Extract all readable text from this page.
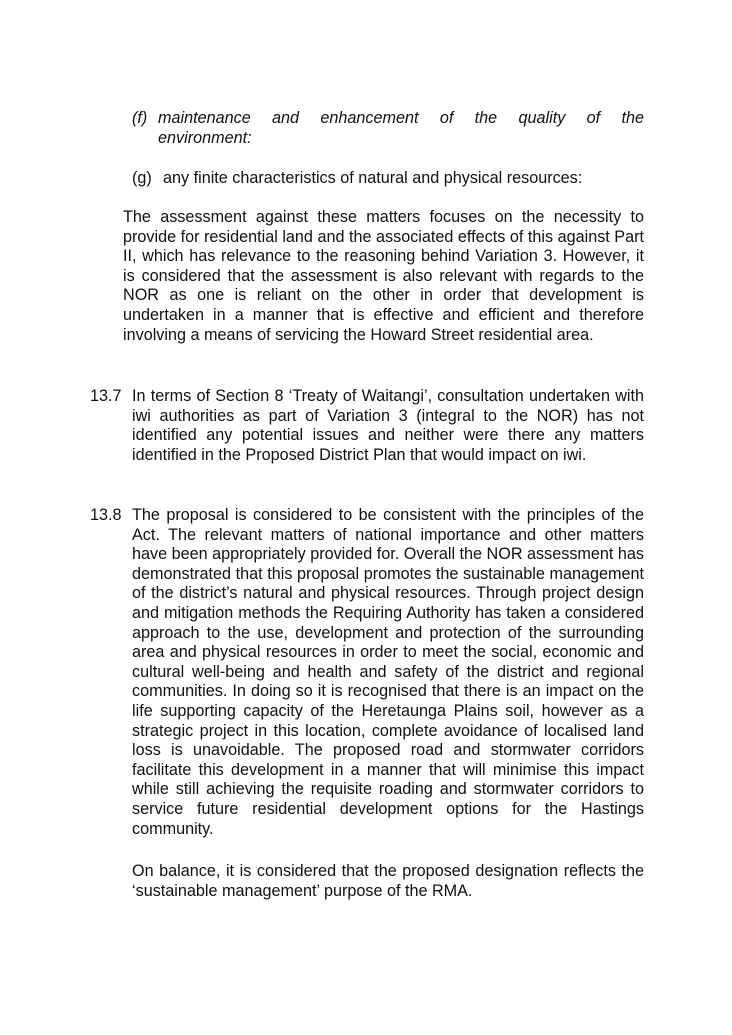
(f) maintenance and enhancement of the quality of the
environment:
(g) any finite characteristics of natural and physical resources:

The assessment against these matters focuses on the necessity to provide for residential land and the associated effects of this against Part II, which has relevance to the reasoning behind Variation 3. However, it is considered that the assessment is also relevant with regards to the NOR as one is reliant on the other in order that development is undertaken in a manner that is effective and efficient and therefore involving a means of servicing the Howard Street residential area.

13.7 In terms of Section 8 ‘Treaty of Waitangi’, consultation undertaken with iwi authorities as part of Variation 3 (integral to the NOR) has not identified any potential issues and neither were there any matters identified in the Proposed District Plan that would impact on iwi.
13.8 The proposal is considered to be consistent with the principles of the Act. The relevant matters of national importance and other matters have been appropriately provided for. Overall the NOR assessment has demonstrated that this proposal promotes the sustainable management of the district’s natural and physical resources. Through project design and mitigation methods the Requiring Authority has taken a considered approach to the use, development and protection of the surrounding area and physical resources in order to meet the social, economic and cultural well-being and health and safety of the district and regional communities. In doing so it is recognised that there is an impact on the life supporting capacity of the Heretaunga Plains soil, however as a strategic project in this location, complete avoidance of localised land loss is unavoidable. The proposed road and stormwater corridors facilitate this development in a manner that will minimise this impact while still achieving the requisite roading and stormwater corridors to service future residential development options for the Hastings community.

On balance, it is considered that the proposed designation reflects the ‘sustainable management’ purpose of the RMA.
